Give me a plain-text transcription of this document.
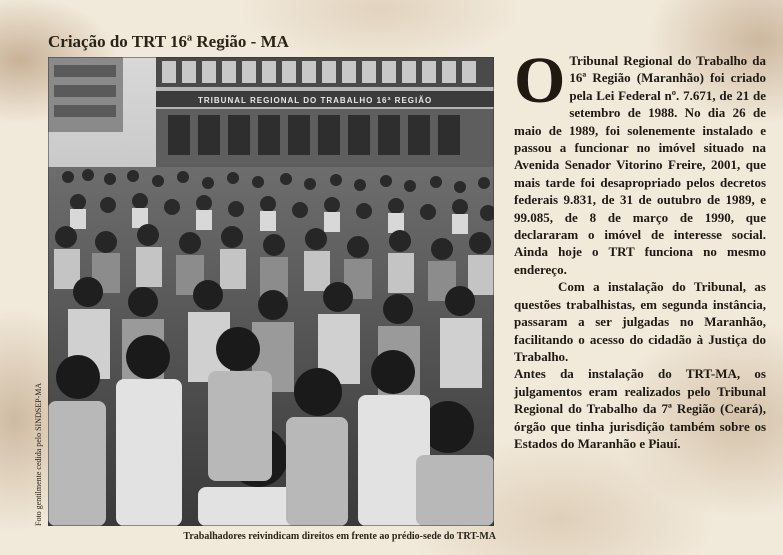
Criação do TRT 16ª Região - MA
TRIBUNAL REGIONAL DO TRABALHO 16ª REGIÃO
Foto gentilmente cedida pelo SINDSEP-MA
Trabalhadores reivindicam direitos em frente ao prédio-sede do TRT-MA
O Tribunal Regional do Trabalho da 16ª Região (Maranhão) foi criado pela Lei Federal nº. 7.671, de 21 de setembro de 1988. No dia 26 de maio de 1989, foi solenemente instalado e passou a funcionar no imóvel situado na Avenida Senador Vitorino Freire, 2001, que mais tarde foi desapropriado pelos decretos federais 9.831, de 31 de outubro de 1989, e 99.085, de 8 de março de 1990, que declararam o imóvel de interesse social. Ainda hoje o TRT funciona no mesmo endereço.

Com a instalação do Tribunal, as questões trabalhistas, em segunda instância, passaram a ser julgadas no Maranhão, facilitando o acesso do cidadão à Justiça do Trabalho.

Antes da instalação do TRT-MA, os julgamentos eram realizados pelo Tribunal Regional do Trabalho da 7ª Região (Ceará), órgão que tinha jurisdição também sobre os Estados do Maranhão e Piauí.
